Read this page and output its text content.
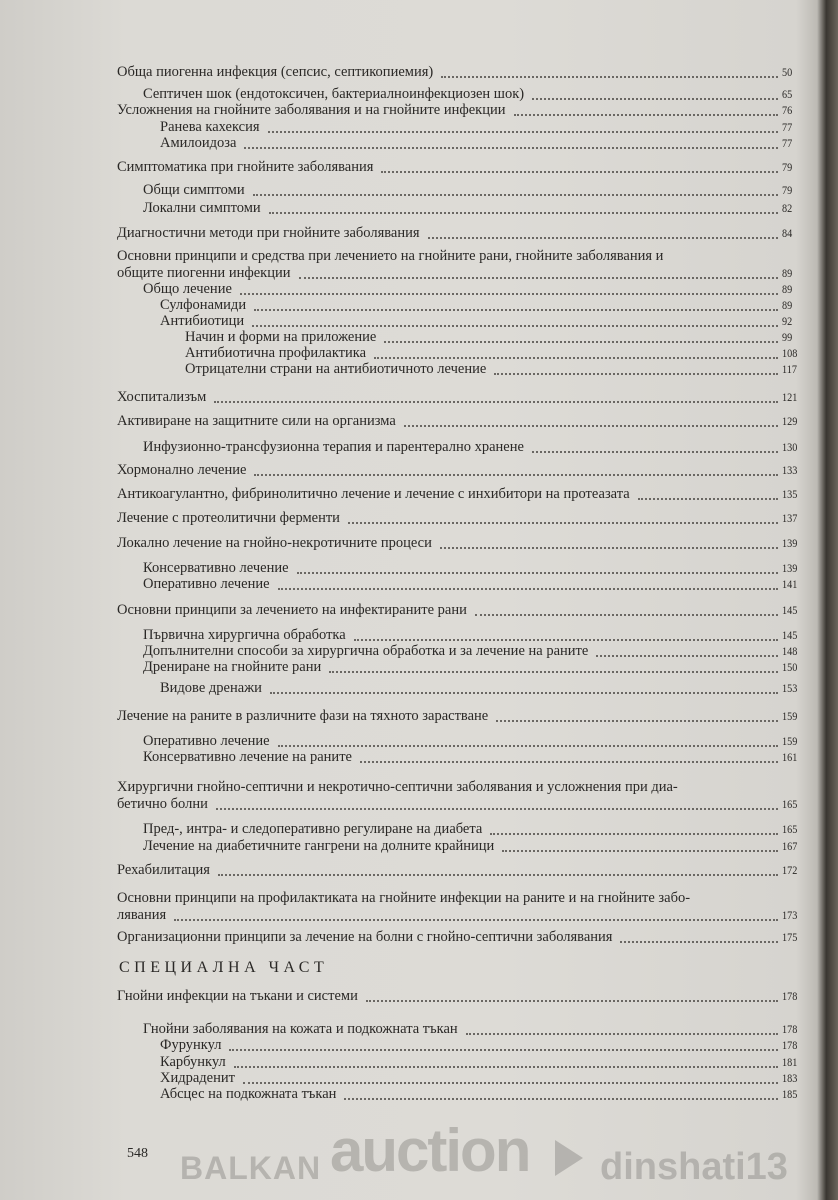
Обща пиогенна инфекция (сепсис, септикопиемия)	50
Септичен шок (ендотоксичен, бактериалноинфекциозен шок)	65
Усложнения на гнойните заболявания и на гнойните инфекции	76
Ранева кахексия	77
Амилоидоза	77
Симптоматика при гнойните заболявания	79
Общи симптоми	79
Локални симптоми	82
Диагностични методи при гнойните заболявания	84
Основни принципи и средства при лечението на гнойните рани, гнойните заболявания и
общите пиогенни инфекции	89
Общо лечение	89
Сулфонамиди	89
Антибиотици	92
Начин и форми на приложение	99
Антибиотична профилактика	108
Отрицателни страни на антибиотичното лечение	117
Хоспитализъм	121
Активиране на защитните сили на организма	129
Инфузионно-трансфузионна терапия и парентерално хранене	130
Хормонално лечение	133
Антикоагулантно, фибринолитично лечение и лечение с инхибитори на протеазата	135
Лечение с протеолитични ферменти	137
Локално лечение на гнойно-некротичните процеси	139
Консервативно лечение	139
Оперативно лечение	141
Основни принципи за лечението на инфектираните рани	145
Първична хирургична обработка	145
Допълнителни способи за хирургична обработка и за лечение на раните	148
Дрениране на гнойните рани	150
Видове дренажи	153
Лечение на раните в различните фази на тяхното зарастване	159
Оперативно лечение	159
Консервативно лечение на раните	161
Хирургични гнойно-септични и некротично-септични заболявания и усложнения при диа-
бетично болни	165
Пред-, интра- и следоперативно регулиране на диабета	165
Лечение на диабетичните гангрени на долните крайници	167
Рехабилитация	172
Основни принципи на профилактиката на гнойните инфекции на раните и на гнойните забо-
лявания	173
Организационни принципи за лечение на болни с гнойно-септични заболявания	175
Гнойни инфекции на тъкани и системи	178
Гнойни заболявания на кожата и подкожната тъкан	178
Фурункул	178
Карбункул	181
Хидраденит	183
Абсцес на подкожната тъкан	185
СПЕЦИАЛНА ЧАСТ
548 BALKAN auction dinshati13
